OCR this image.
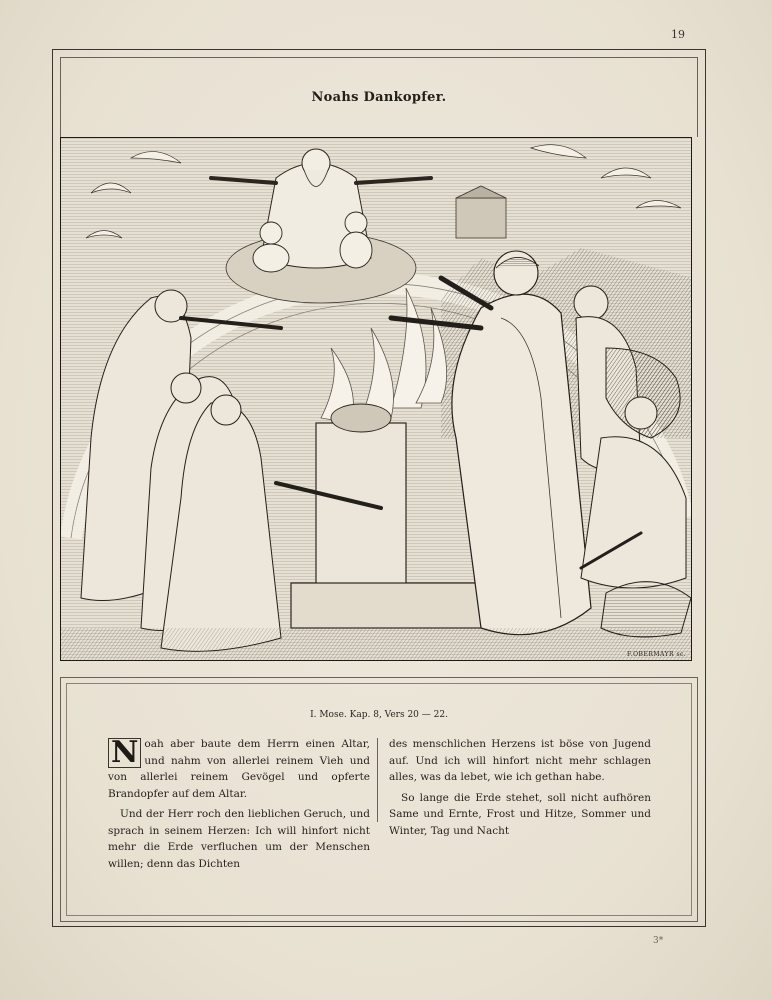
19
Noahs Dankopfer.
F.OBERMAYR sc.
I. Mose. Kap. 8, Vers 20 — 22.

N oah aber baute dem Herrn einen Altar, und nahm von allerlei reinem Vieh und von allerlei reinem Gevögel und opferte Brandopfer auf dem Altar.

Und der Herr roch den lieblichen Geruch, und sprach in seinem Herzen: Ich will hinfort nicht mehr die Erde verfluchen um der Menschen willen; denn das Dichten

des menschlichen Herzens ist böse von Jugend auf. Und ich will hinfort nicht mehr schlagen alles, was da lebet, wie ich gethan habe.

So lange die Erde stehet, soll nicht aufhören Same und Ernte, Frost und Hitze, Sommer und Winter, Tag und Nacht

3*
